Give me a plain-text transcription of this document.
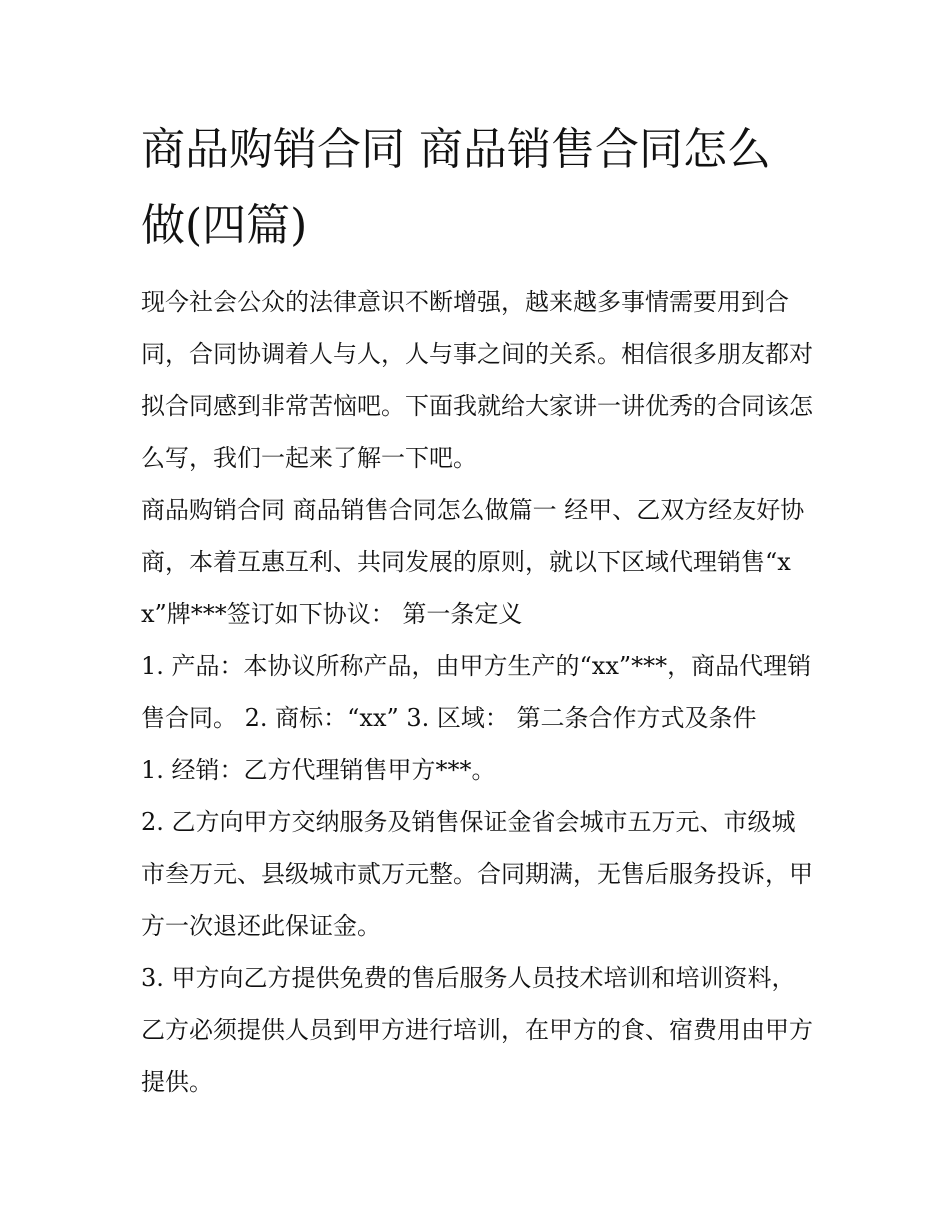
商品购销合同 商品销售合同怎么做(四篇)

现今社会公众的法律意识不断增强，越来越多事情需要用到合同，合同协调着人与人，人与事之间的关系。相信很多朋友都对拟合同感到非常苦恼吧。下面我就给大家讲一讲优秀的合同该怎么写，我们一起来了解一下吧。

商品购销合同 商品销售合同怎么做篇一 经甲、乙双方经友好协商，本着互惠互利、共同发展的原则，就以下区域代理销售“xx”牌***签订如下协议： 第一条定义

1. 产品：本协议所称产品，由甲方生产的“xx”***，商品代理销售合同。 2. 商标：“xx” 3. 区域： 第二条合作方式及条件

1. 经销：乙方代理销售甲方***。

2. 乙方向甲方交纳服务及销售保证金省会城市五万元、市级城市叁万元、县级城市贰万元整。合同期满，无售后服务投诉，甲方一次退还此保证金。

3. 甲方向乙方提供免费的售后服务人员技术培训和培训资料，乙方必须提供人员到甲方进行培训，在甲方的食、宿费用由甲方提供。
